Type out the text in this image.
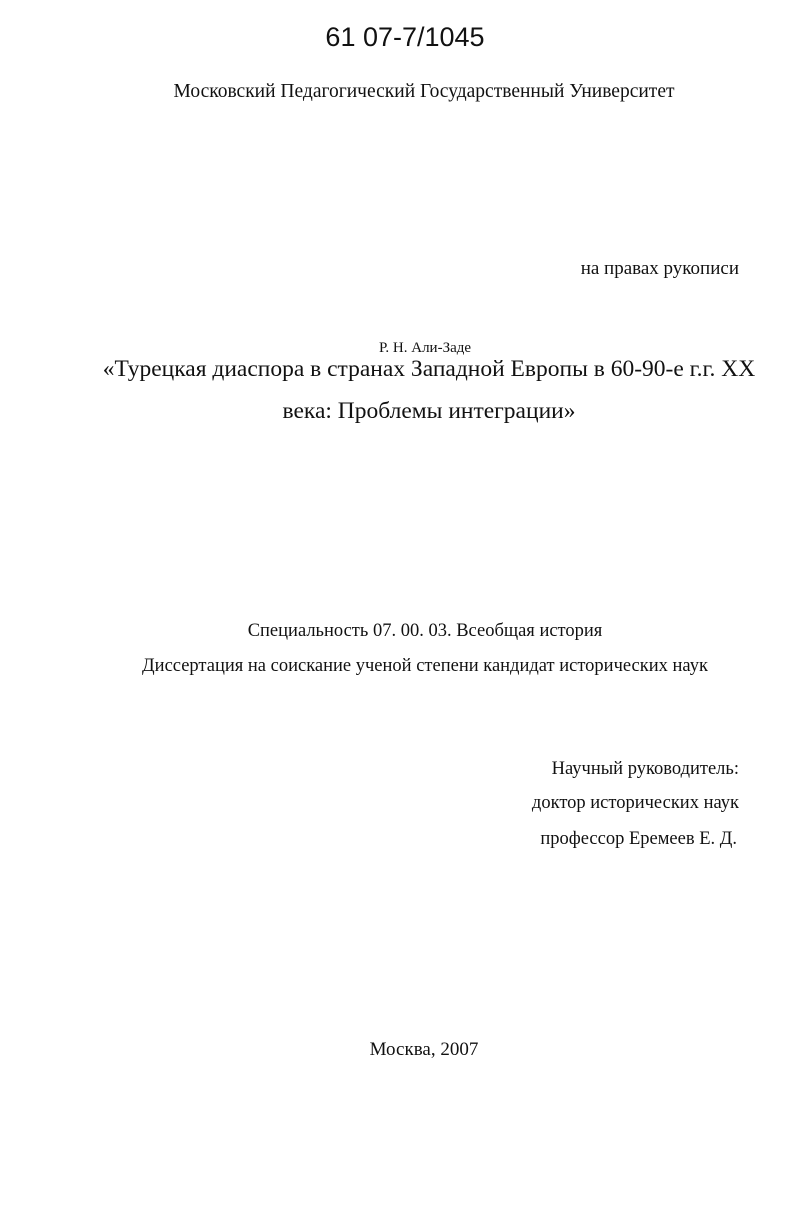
61 07-7/1045
Московский Педагогический Государственный Университет
на правах рукописи
Р. Н. Али-Заде
«Турецкая диаспора в странах Западной Европы в 60-90-е г.г. XX
века: Проблемы интеграции»
Специальность 07. 00. 03. Всеобщая история
Диссертация на соискание ученой степени кандидат исторических наук
Научный руководитель:
доктор исторических наук
профессор Еремеев Е. Д.
Москва, 2007
